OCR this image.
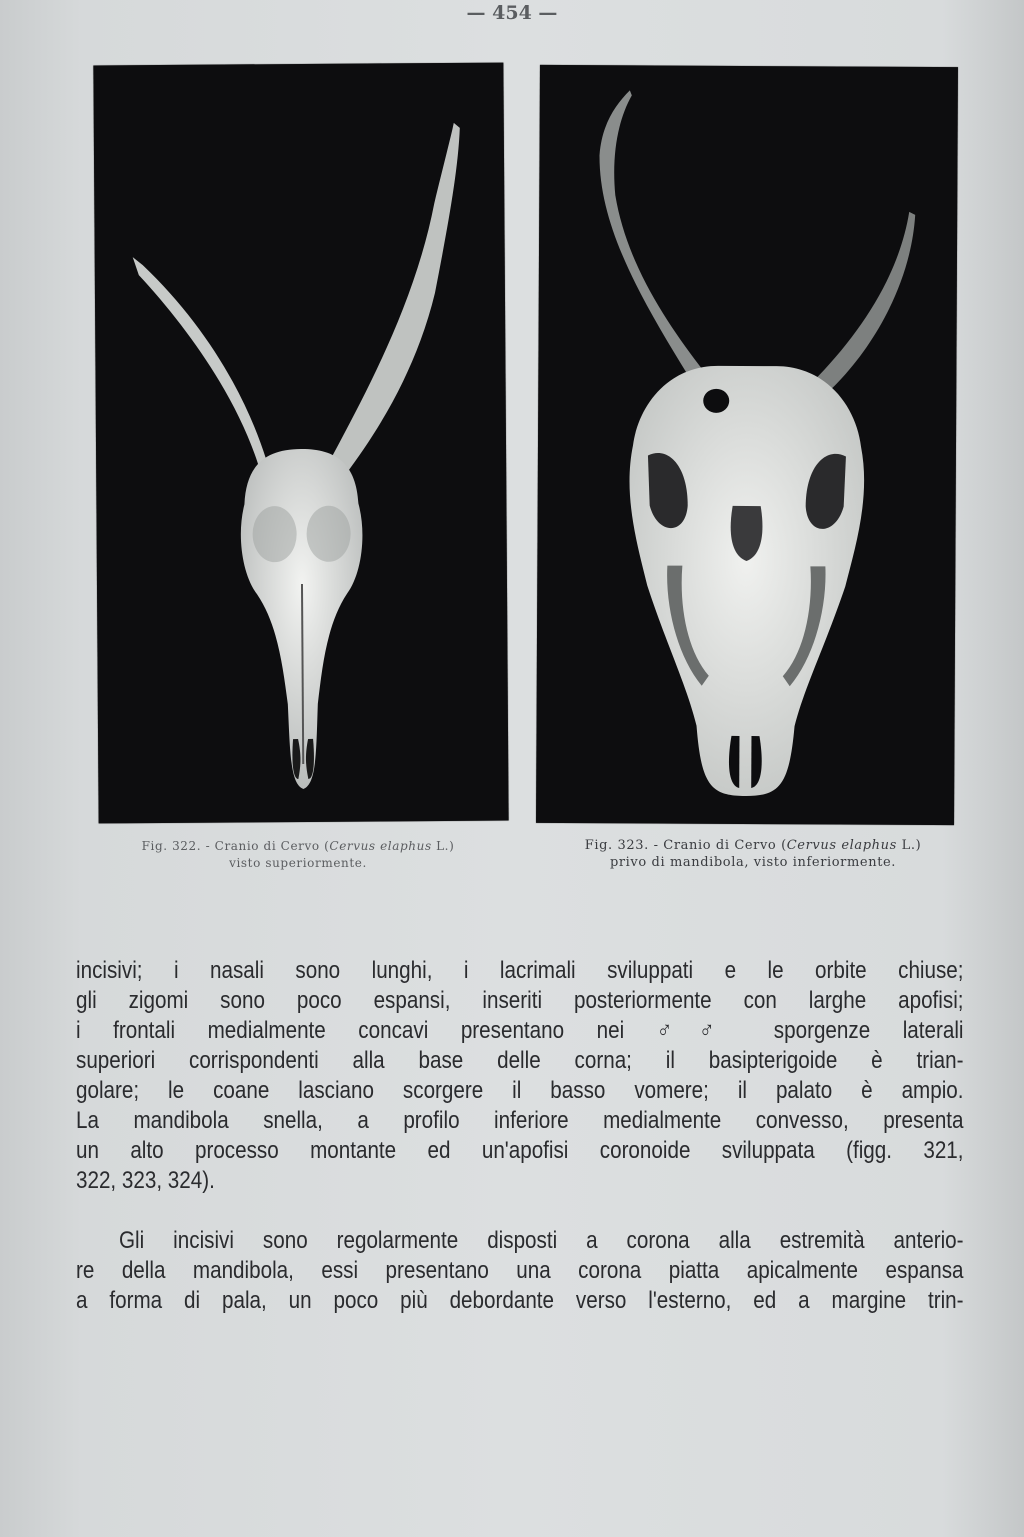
— 454 —
Fig. 322. - Cranio di Cervo (Cervus elaphus L.)
visto superiormente.
Fig. 323. - Cranio di Cervo (Cervus elaphus L.)
privo di mandibola, visto inferiormente.
incisivi; i nasali sono lunghi, i lacrimali sviluppati e le orbite chiuse;
gli zigomi sono poco espansi, inseriti posteriormente con larghe apofisi;
i frontali medialmente concavi presentano nei ♂♂ sporgenze laterali
superiori corrispondenti alla base delle corna; il basipterigoide è trian-
golare; le coane lasciano scorgere il basso vomere; il palato è ampio.
La mandibola snella, a profilo inferiore medialmente convesso, presenta
un alto processo montante ed un'apofisi coronoide sviluppata (figg. 321,
322, 323, 324).
Gli incisivi sono regolarmente disposti a corona alla estremità anterio-
re della mandibola, essi presentano una corona piatta apicalmente espansa
a forma di pala, un poco più debordante verso l'esterno, ed a margine trin-
